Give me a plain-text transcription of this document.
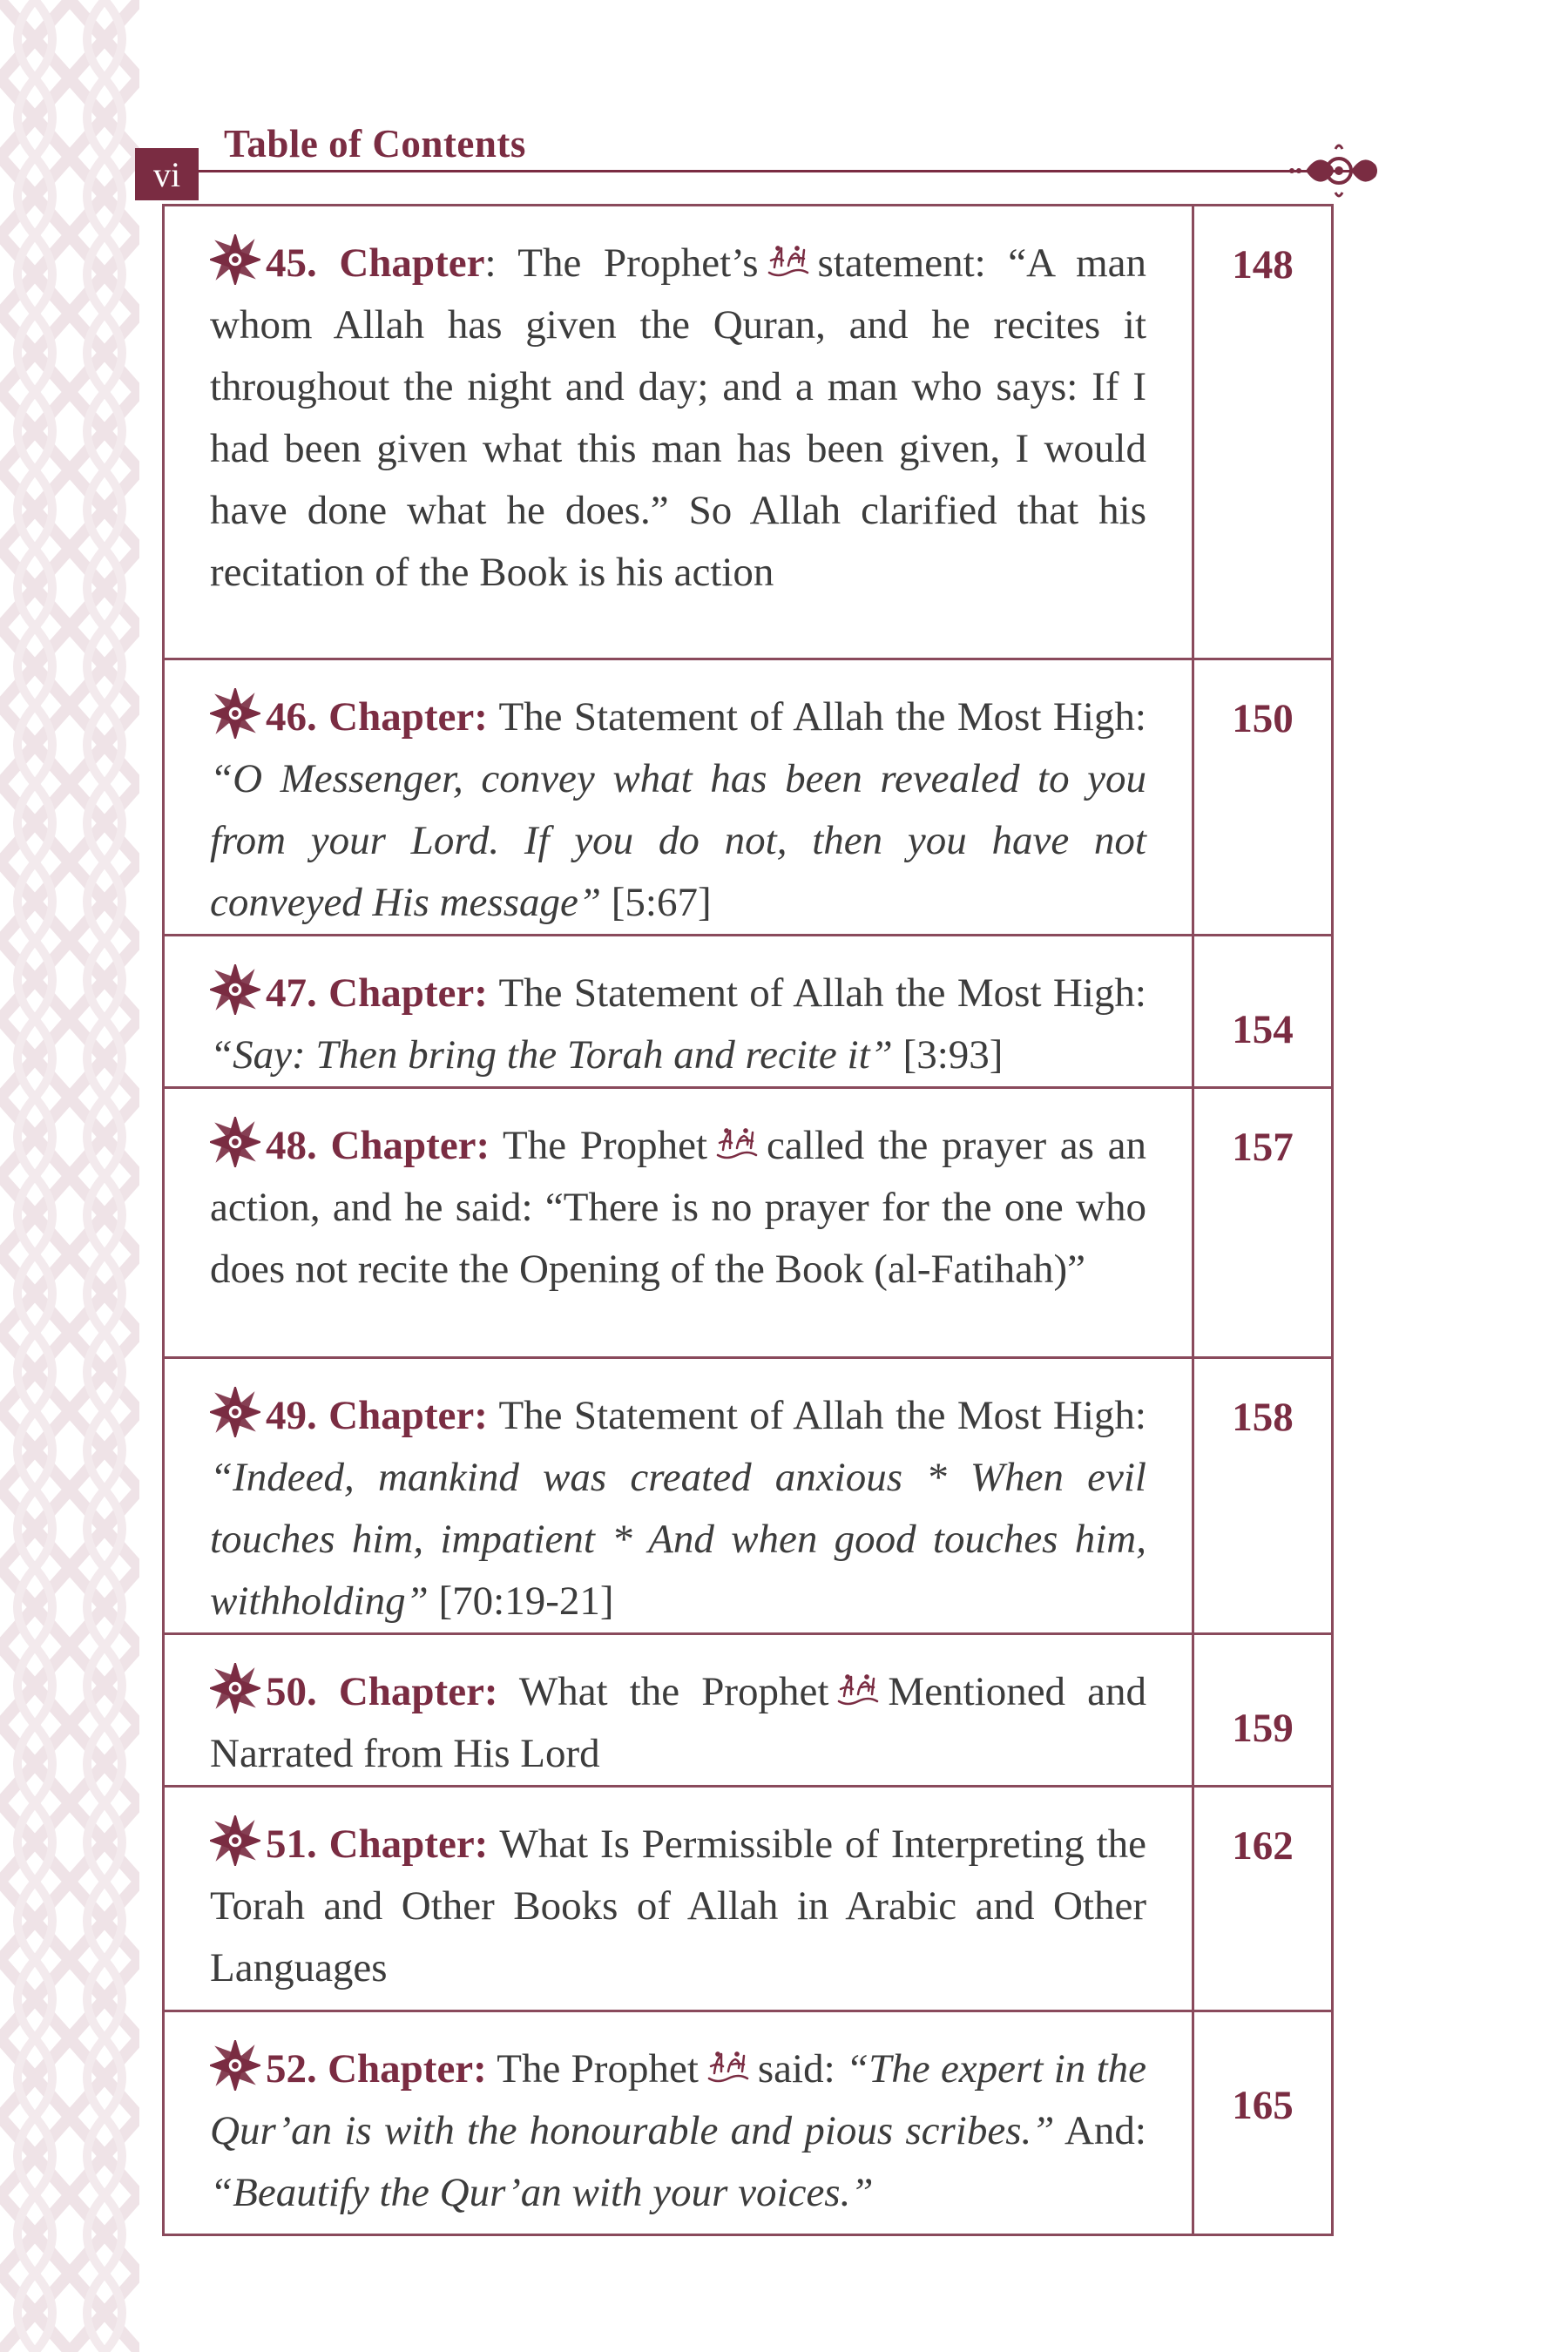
vi
Table of Contents

45. Chapter: The Prophet’s statement: “A man whom Allah has given the Quran, and he recites it throughout the night and day; and a man who says: If I had been given what this man has been given, I would have done what he does.” So Allah clarified that his recitation of the Book is his action	148

46. Chapter: The Statement of Allah the Most High: “O Messenger, convey what has been revealed to you from your Lord. If you do not, then you have not conveyed His message” [5:67]	150

47. Chapter: The Statement of Allah the Most High: “Say: Then bring the Torah and recite it” [3:93]	154

48. Chapter: The Prophet called the prayer as an action, and he said: “There is no prayer for the one who does not recite the Opening of the Book (al-Fatihah)”	157

49. Chapter: The Statement of Allah the Most High: “Indeed, mankind was created anxious * When evil touches him, impatient * And when good touches him, withholding” [70:19-21]	158

50. Chapter: What the Prophet Mentioned and Narrated from His Lord	159

51. Chapter: What Is Permissible of Interpreting the Torah and Other Books of Allah in Arabic and Other Languages	162

52. Chapter: The Prophet said: “The expert in the Qur’an is with the honourable and pious scribes.” And: “Beautify the Qur’an with your voices.”	165
